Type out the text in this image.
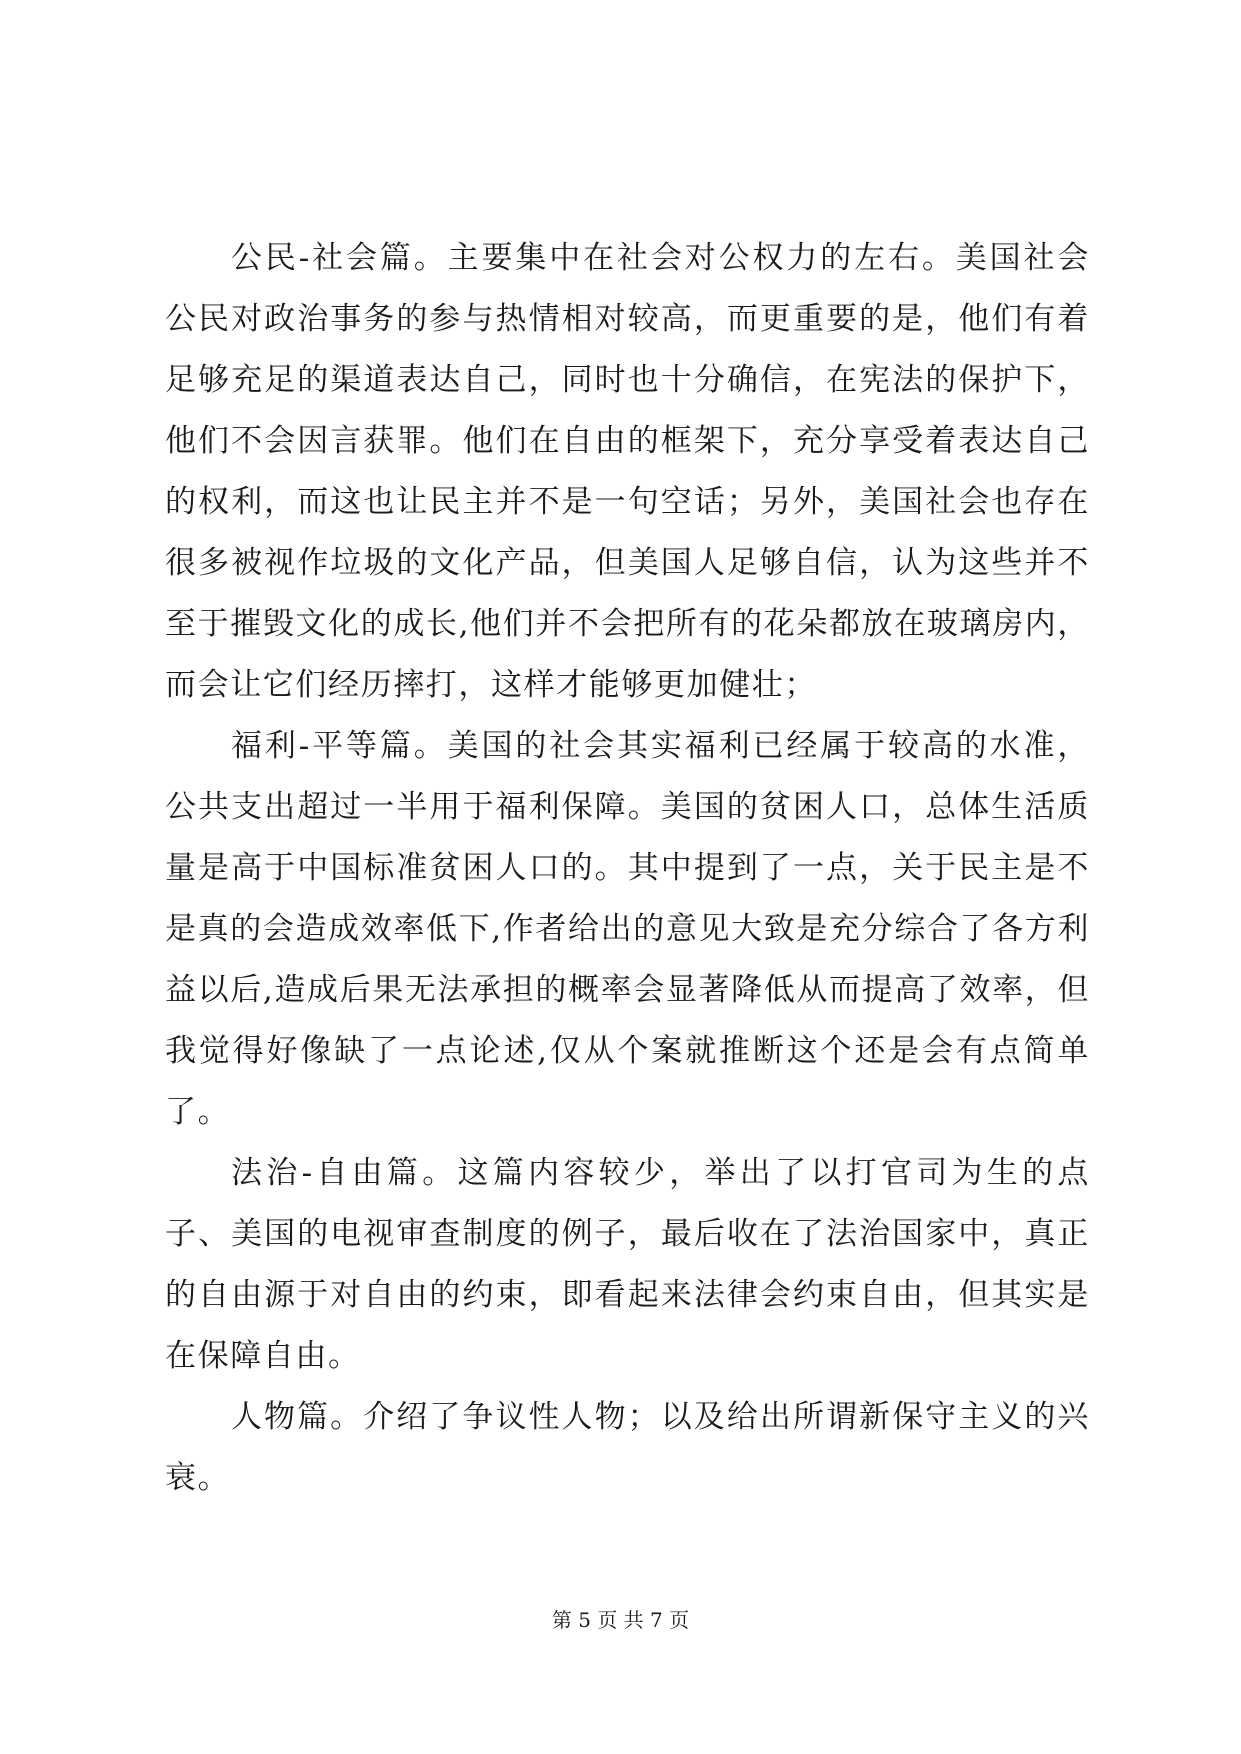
公民-社会篇。主要集中在社会对公权力的左右。美国社会公民对政治事务的参与热情相对较高，而更重要的是，他们有着足够充足的渠道表达自己，同时也十分确信，在宪法的保护下，他们不会因言获罪。他们在自由的框架下，充分享受着表达自己的权利，而这也让民主并不是一句空话；另外，美国社会也存在很多被视作垃圾的文化产品，但美国人足够自信，认为这些并不至于摧毁文化的成长,他们并不会把所有的花朵都放在玻璃房内，而会让它们经历摔打，这样才能够更加健壮；

福利-平等篇。美国的社会其实福利已经属于较高的水准，公共支出超过一半用于福利保障。美国的贫困人口，总体生活质量是高于中国标准贫困人口的。其中提到了一点，关于民主是不是真的会造成效率低下,作者给出的意见大致是充分综合了各方利益以后,造成后果无法承担的概率会显著降低从而提高了效率，但我觉得好像缺了一点论述,仅从个案就推断这个还是会有点简单了。

法治-自由篇。这篇内容较少，举出了以打官司为生的点子、美国的电视审查制度的例子，最后收在了法治国家中，真正的自由源于对自由的约束，即看起来法律会约束自由，但其实是在保障自由。

人物篇。介绍了争议性人物；以及给出所谓新保守主义的兴衰。

第 5 页 共 7 页
